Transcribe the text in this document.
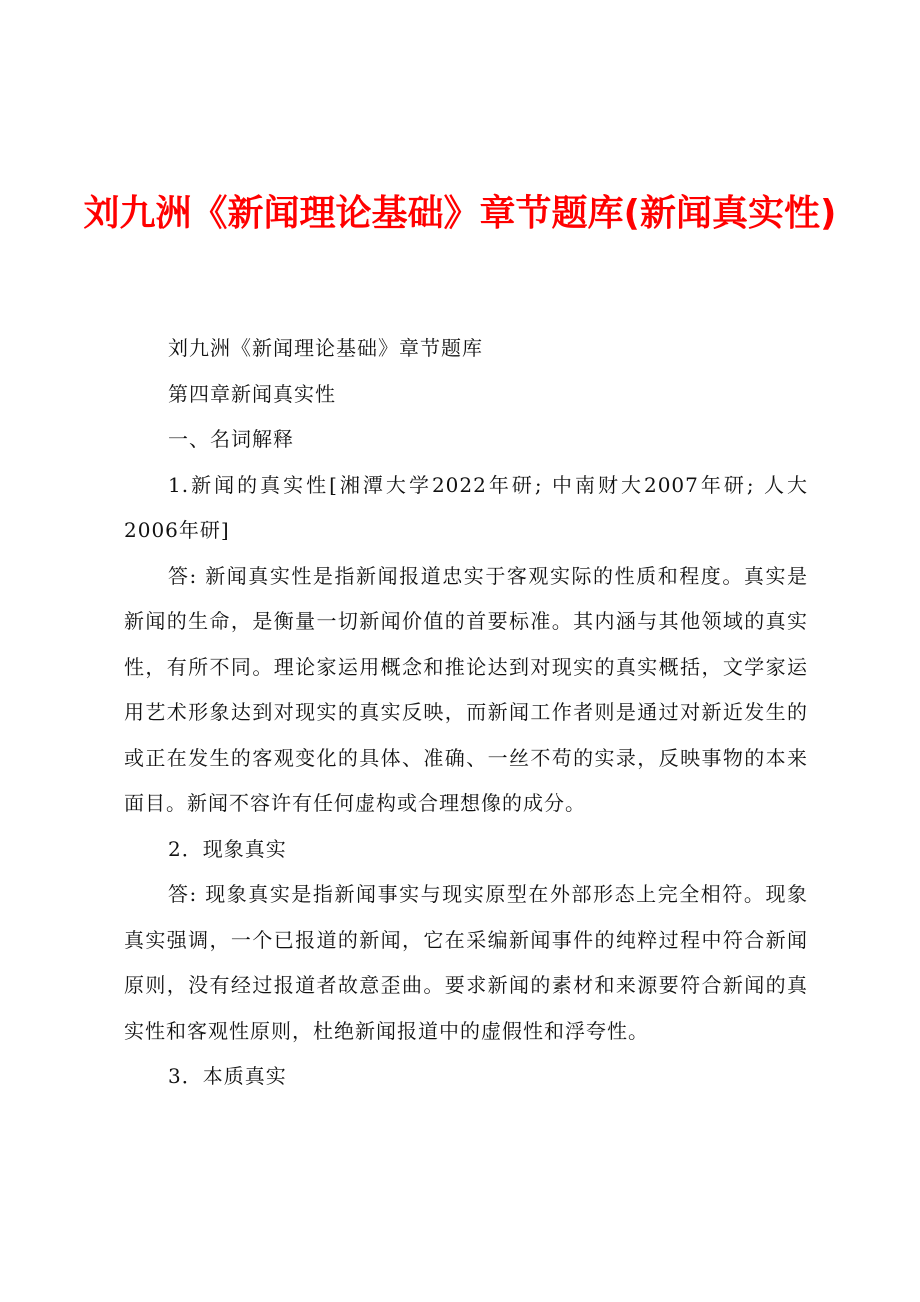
刘九洲《新闻理论基础》章节题库(新闻真实性)

刘九洲《新闻理论基础》章节题库

第四章新闻真实性

一、名词解释

1.新闻的真实性[湘潭大学2022年研; 中南财大2007年研; 人大2006年研]

答: 新闻真实性是指新闻报道忠实于客观实际的性质和程度。真实是新闻的生命，是衡量一切新闻价值的首要标准。其内涵与其他领域的真实性，有所不同。理论家运用概念和推论达到对现实的真实概括，文学家运用艺术形象达到对现实的真实反映，而新闻工作者则是通过对新近发生的或正在发生的客观变化的具体、准确、一丝不苟的实录，反映事物的本来面目。新闻不容许有任何虚构或合理想像的成分。

2．现象真实

答: 现象真实是指新闻事实与现实原型在外部形态上完全相符。现象真实强调，一个已报道的新闻，它在采编新闻事件的纯粹过程中符合新闻原则，没有经过报道者故意歪曲。要求新闻的素材和来源要符合新闻的真实性和客观性原则，杜绝新闻报道中的虚假性和浮夸性。

3．本质真实
